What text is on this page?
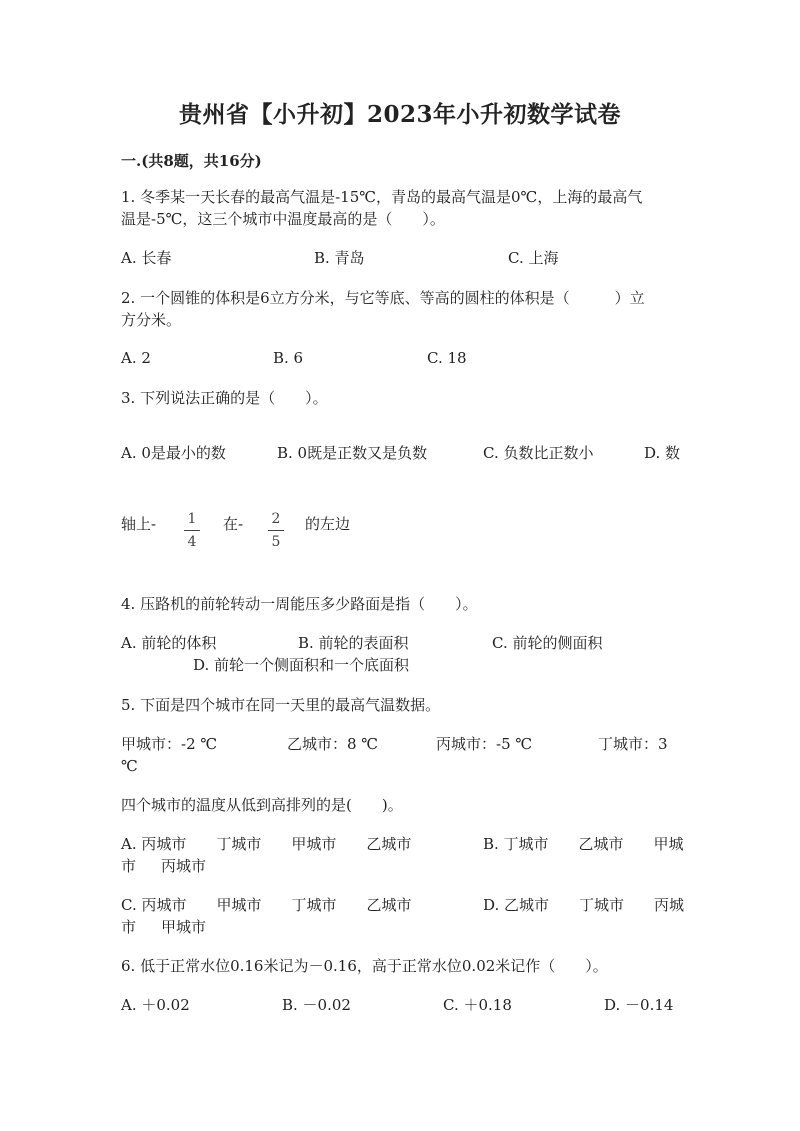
贵州省【小升初】2023年小升初数学试卷
一.(共8题，共16分)
1. 冬季某一天长春的最高气温是-15℃，青岛的最高气温是0℃，上海的最高气
温是-5℃，这三个城市中温度最高的是（　　）。
A. 长春	B. 青岛	C. 上海
2. 一个圆锥的体积是6立方分米，与它等底、等高的圆柱的体积是（　　　）立
方分米。
A. 2	B. 6	C. 18
3. 下列说法正确的是（　　）。
A. 0是最小的数	B. 0既是正数又是负数	C. 负数比正数小	D. 数
轴上- 1
4
在- 2
5
的左边
4. 压路机的前轮转动一周能压多少路面是指（　　）。
A. 前轮的体积	B. 前轮的表面积	C. 前轮的侧面积
D. 前轮一个侧面积和一个底面积
5. 下面是四个城市在同一天里的最高气温数据。
甲城市：-2 ℃	乙城市：8 ℃	丙城市：-5 ℃	丁城市：3
℃
四个城市的温度从低到高排列的是(　　)。
A. 丙城市　　丁城市　　甲城市　　乙城市	B. 丁城市　　乙城市　　甲城
市 丙城市
C. 丙城市　　甲城市　　丁城市　　乙城市	D. 乙城市　　丁城市　　丙城
市 甲城市
6. 低于正常水位0.16米记为－0.16，高于正常水位0.02米记作（　　）。
A. ＋0.02	B. －0.02	C. ＋0.18	D. －0.14
